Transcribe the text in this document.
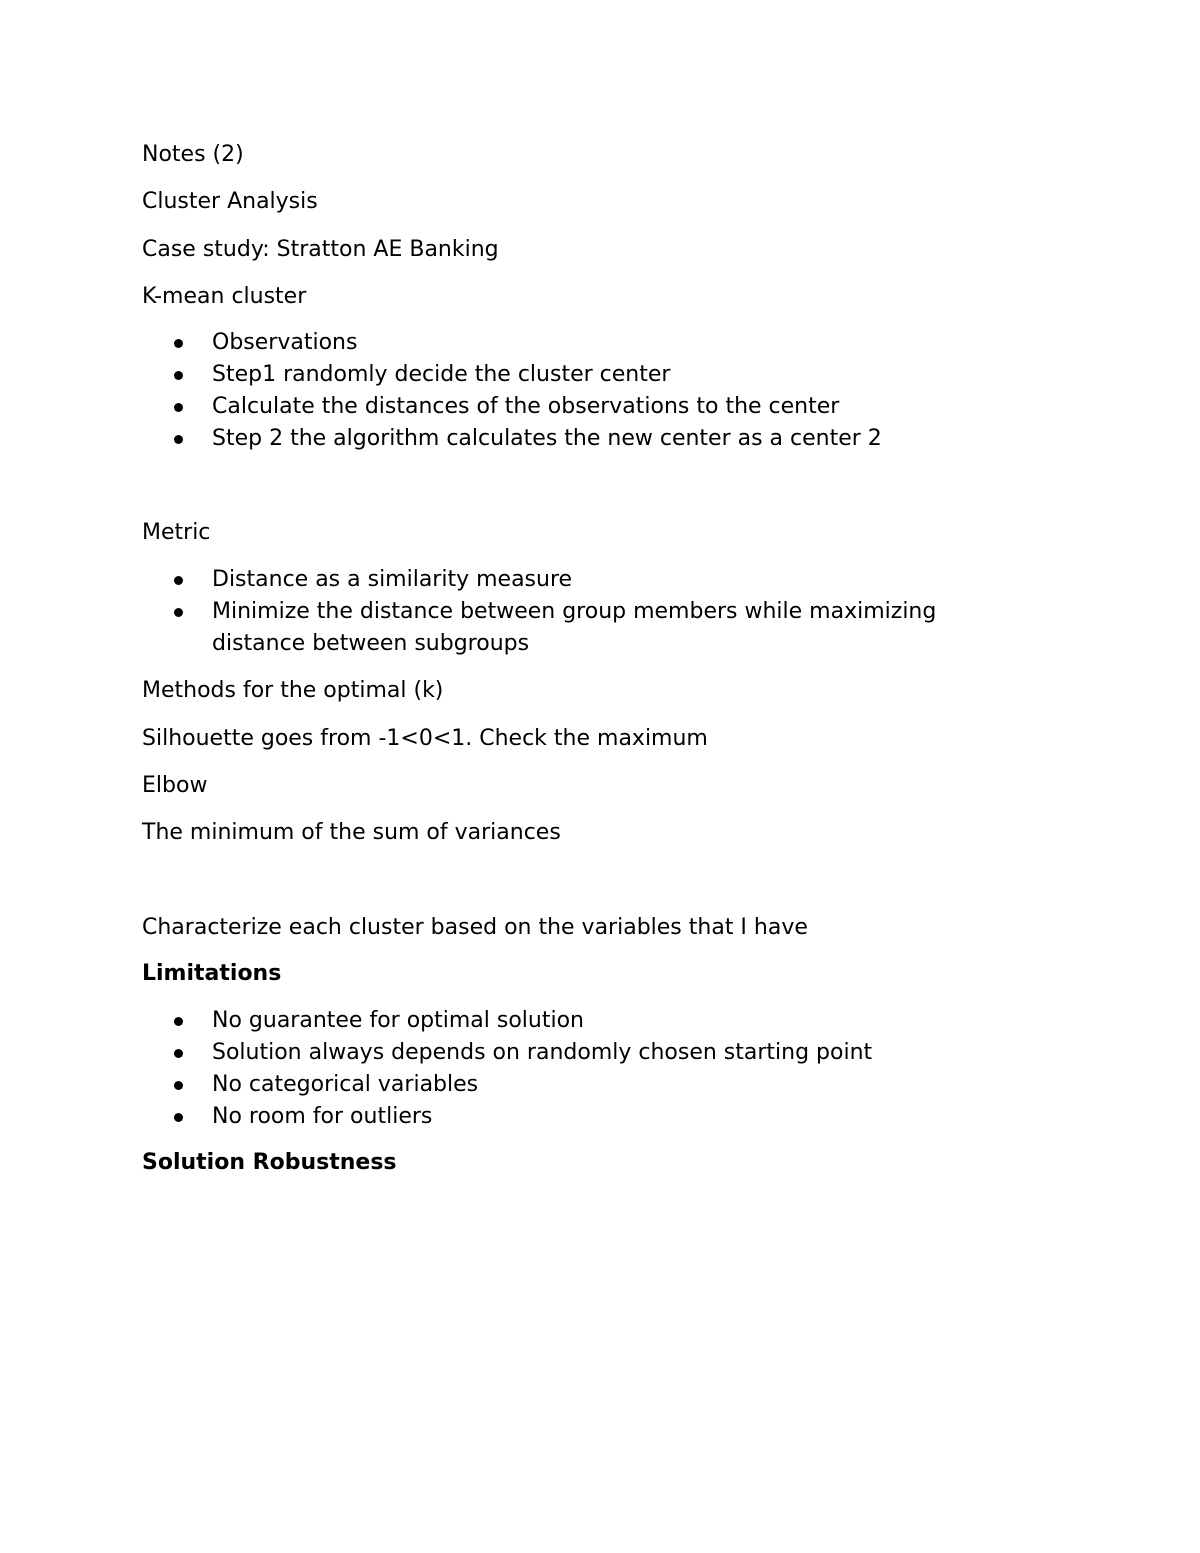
Notes (2)

Cluster Analysis

Case study: Stratton AE Banking

K-mean cluster

Observations
Step1 randomly decide the cluster center
Calculate the distances of the observations to the center
Step 2 the algorithm calculates the new center as a center 2

Metric

Distance as a similarity measure
Minimize the distance between group members while maximizing distance between subgroups

Methods for the optimal (k)

Silhouette goes from -1<0<1. Check the maximum

Elbow

The minimum of the sum of variances

Characterize each cluster based on the variables that I have

Limitations

No guarantee for optimal solution
Solution always depends on randomly chosen starting point
No categorical variables
No room for outliers

Solution Robustness
